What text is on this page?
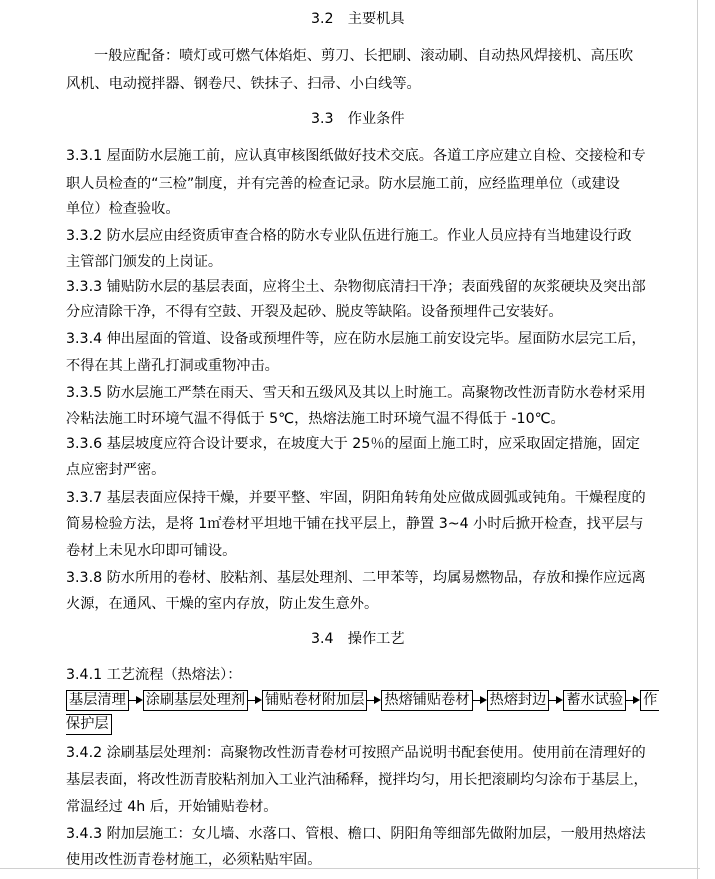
3.2　主要机具
一般应配备：喷灯或可燃气体焰炬、剪刀、长把刷、滚动刷、自动热风焊接机、高压吹
风机、电动搅拌器、钢卷尺、铁抹子、扫帚、小白线等。
3.3　作业条件
3.3.1 屋面防水层施工前，应认真审核图纸做好技术交底。各道工序应建立自检、交接检和专
职人员检查的“三检”制度，并有完善的检查记录。防水层施工前，应经监理单位（或建设
单位）检查验收。
3.3.2 防水层应由经资质审查合格的防水专业队伍进行施工。作业人员应持有当地建设行政
主管部门颁发的上岗证。
3.3.3 铺贴防水层的基层表面，应将尘土、杂物彻底清扫干净；表面残留的灰浆硬块及突出部
分应清除干净，不得有空鼓、开裂及起砂、脱皮等缺陷。设备预埋件己安装好。
3.3.4 伸出屋面的管道、设备或预埋件等，应在防水层施工前安设完毕。屋面防水层完工后，
不得在其上凿孔打洞或重物冲击。
3.3.5 防水层施工严禁在雨天、雪天和五级风及其以上时施工。高聚物改性沥青防水卷材采用
冷粘法施工时环境气温不得低于 5℃，热熔法施工时环境气温不得低于 -10℃。
3.3.6 基层坡度应符合设计要求，在坡度大于 25％的屋面上施工时，应采取固定措施，固定
点应密封严密。
3.3.7 基层表面应保持干燥，并要平整、牢固，阴阳角转角处应做成圆弧或钝角。干燥程度的
简易检验方法，是将 1㎡卷材平坦地干铺在找平层上，静置 3~4 小时后掀开检查，找平层与
卷材上未见水印即可铺设。
3.3.8 防水所用的卷材、胶粘剂、基层处理剂、二甲苯等，均属易燃物品，存放和操作应远离
火源，在通风、干燥的室内存放，防止发生意外。
3.4　操作工艺
3.4.1 工艺流程（热熔法）：
基层清理 涂刷基层处理剂 铺贴卷材附加层 热熔铺贴卷材 热熔封边 蓄水试验 作
保护层
3.4.2 涂刷基层处理剂：高聚物改性沥青卷材可按照产品说明书配套使用。使用前在清理好的
基层表面，将改性沥青胶粘剂加入工业汽油稀释，搅拌均匀，用长把滚刷均匀涂布于基层上，
常温经过 4h 后，开始铺贴卷材。
3.4.3 附加层施工：女儿墙、水落口、管根、檐口、阴阳角等细部先做附加层，一般用热熔法
使用改性沥青卷材施工，必须粘贴牢固。
